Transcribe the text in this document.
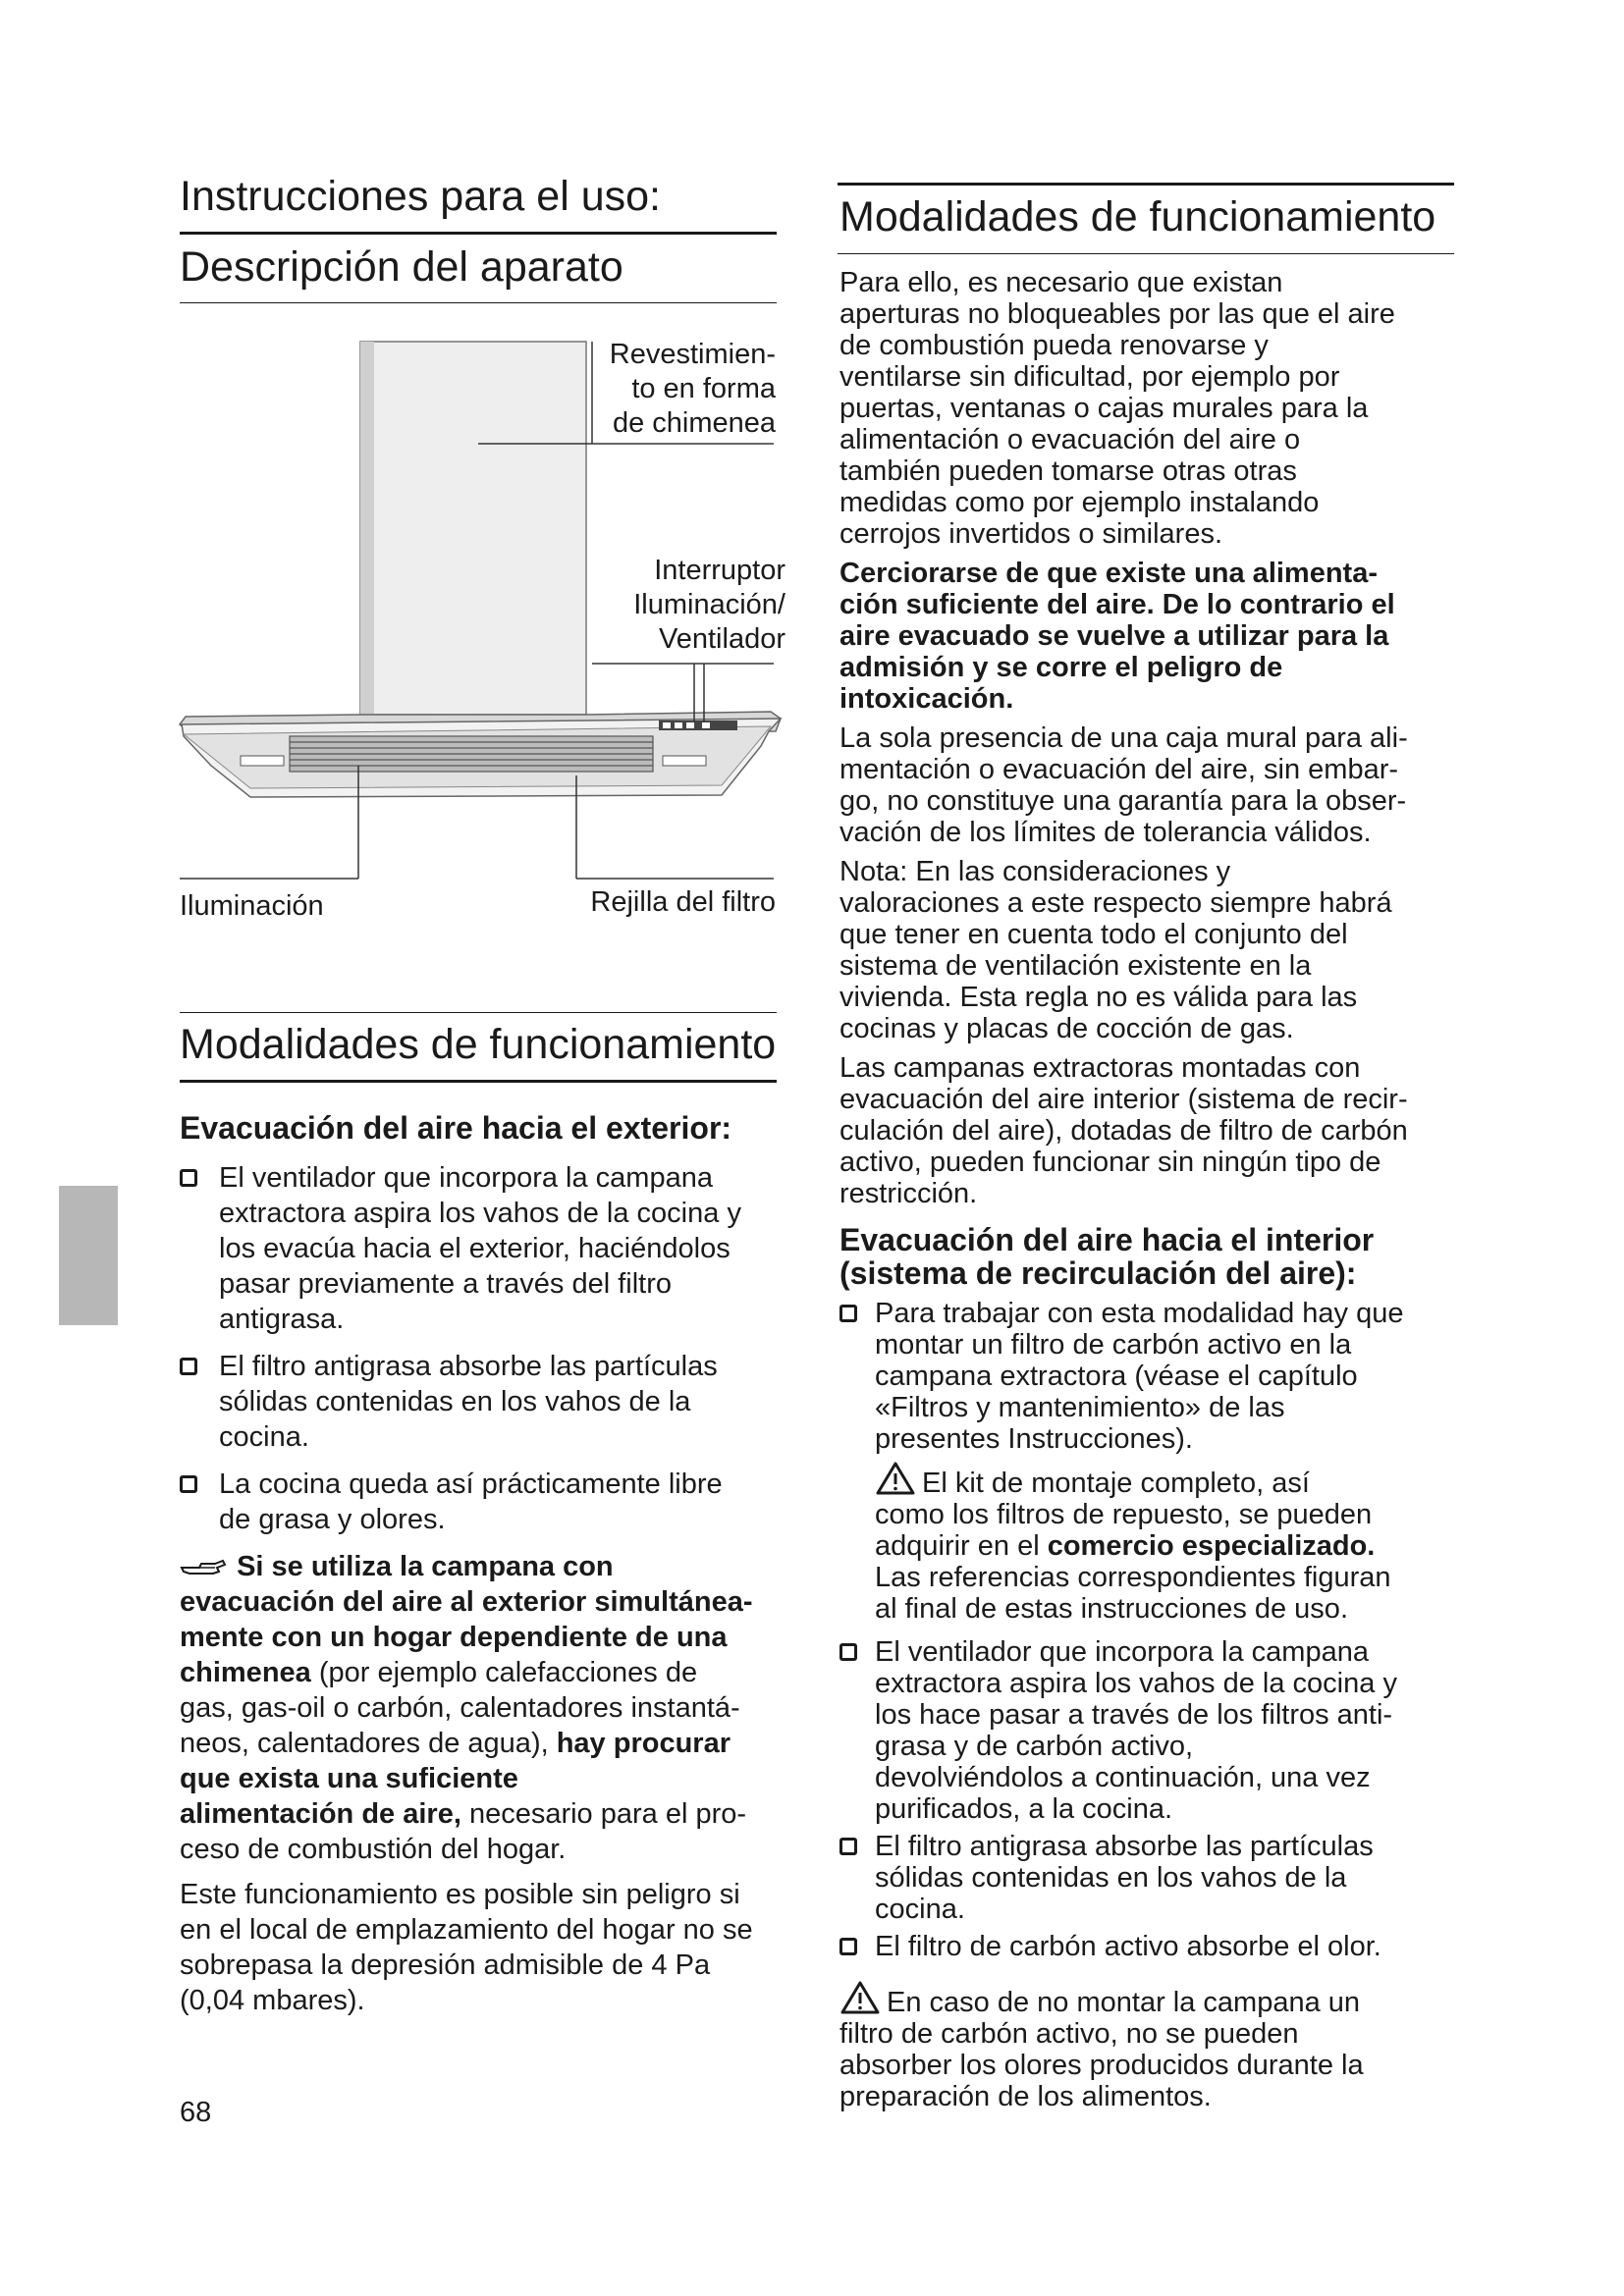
Instrucciones para el uso:
Descripción del aparato
Revestimien-
to en forma
de chimenea
Interruptor
Iluminación/
Ventilador
Iluminación	Rejilla del filtro
Modalidades de funcionamiento

Evacuación del aire hacia el exterior:

El ventilador que incorpora la campana
extractora aspira los vahos de la cocina y
los evacúa hacia el exterior, haciéndolos
pasar previamente a través del filtro
antigrasa.
El filtro antigrasa absorbe las partículas
sólidas contenidas en los vahos de la
cocina.
La cocina queda así prácticamente libre
de grasa y olores.
Si se utiliza la campana con
evacuación del aire al exterior simultánea-
mente con un hogar dependiente de una
chimenea (por ejemplo calefacciones de
gas, gas-oil o carbón, calentadores instantá-
neos, calentadores de agua), hay procurar
que exista una suficiente
alimentación de aire, necesario para el pro-
ceso de combustión del hogar.
Este funcionamiento es posible sin peligro si
en el local de emplazamiento del hogar no se
sobrepasa la depresión admisible de 4 Pa
(0,04 mbares).
68
Modalidades de funcionamiento
Para ello, es necesario que existan
aperturas no bloqueables por las que el aire
de combustión pueda renovarse y
ventilarse sin dificultad, por ejemplo por
puertas, ventanas o cajas murales para la
alimentación o evacuación del aire o
también pueden tomarse otras otras
medidas como por ejemplo instalando
cerrojos invertidos o similares.
Cerciorarse de que existe una alimenta-
ción suficiente del aire. De lo contrario el
aire evacuado se vuelve a utilizar para la
admisión y se corre el peligro de
intoxicación.
La sola presencia de una caja mural para ali-
mentación o evacuación del aire, sin embar-
go, no constituye una garantía para la obser-
vación de los límites de tolerancia válidos.
Nota: En las consideraciones y
valoraciones a este respecto siempre habrá
que tener en cuenta todo el conjunto del
sistema de ventilación existente en la
vivienda. Esta regla no es válida para las
cocinas y placas de cocción de gas.
Las campanas extractoras montadas con
evacuación del aire interior (sistema de recir-
culación del aire), dotadas de filtro de carbón
activo, pueden funcionar sin ningún tipo de
restricción.
Evacuación del aire hacia el interior
(sistema de recirculación del aire):
Para trabajar con esta modalidad hay que
montar un filtro de carbón activo en la
campana extractora (véase el capítulo
«Filtros y mantenimiento» de las
presentes Instrucciones).
El kit de montaje completo, así
como los filtros de repuesto, se pueden
adquirir en el comercio especializado.
Las referencias correspondientes figuran
al final de estas instrucciones de uso.
El ventilador que incorpora la campana
extractora aspira los vahos de la cocina y
los hace pasar a través de los filtros anti-
grasa y de carbón activo,
devolviéndolos a continuación, una vez
purificados, a la cocina.
El filtro antigrasa absorbe las partículas
sólidas contenidas en los vahos de la
cocina.
El filtro de carbón activo absorbe el olor.
En caso de no montar la campana un
filtro de carbón activo, no se pueden
absorber los olores producidos durante la
preparación de los alimentos.
